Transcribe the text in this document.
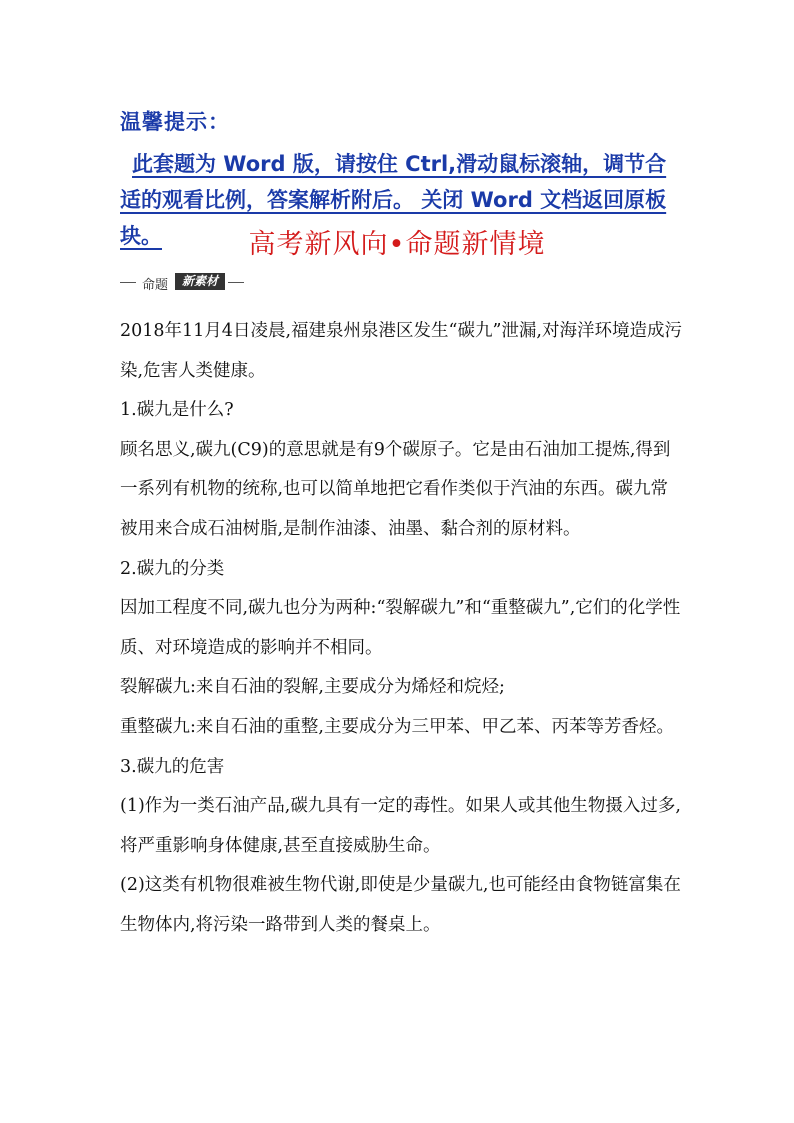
温馨提示：
此套题为 Word 版，请按住 Ctrl,滑动鼠标滚轴，调节合适的观看比例，答案解析附后。 关闭 Word 文档返回原板块。	高考新风向•命题新情境
命题	新素材

2018年11月4日凌晨,福建泉州泉港区发生“碳九”泄漏,对海洋环境造成污染,危害人类健康。

1.碳九是什么?

顾名思义,碳九(C9)的意思就是有9个碳原子。它是由石油加工提炼,得到一系列有机物的统称,也可以简单地把它看作类似于汽油的东西。碳九常被用来合成石油树脂,是制作油漆、油墨、黏合剂的原材料。

2.碳九的分类

因加工程度不同,碳九也分为两种:“裂解碳九”和“重整碳九”,它们的化学性质、对环境造成的影响并不相同。

裂解碳九:来自石油的裂解,主要成分为烯烃和烷烃;

重整碳九:来自石油的重整,主要成分为三甲苯、甲乙苯、丙苯等芳香烃。

3.碳九的危害

(1)作为一类石油产品,碳九具有一定的毒性。如果人或其他生物摄入过多,将严重影响身体健康,甚至直接威胁生命。

(2)这类有机物很难被生物代谢,即使是少量碳九,也可能经由食物链富集在生物体内,将污染一路带到人类的餐桌上。
